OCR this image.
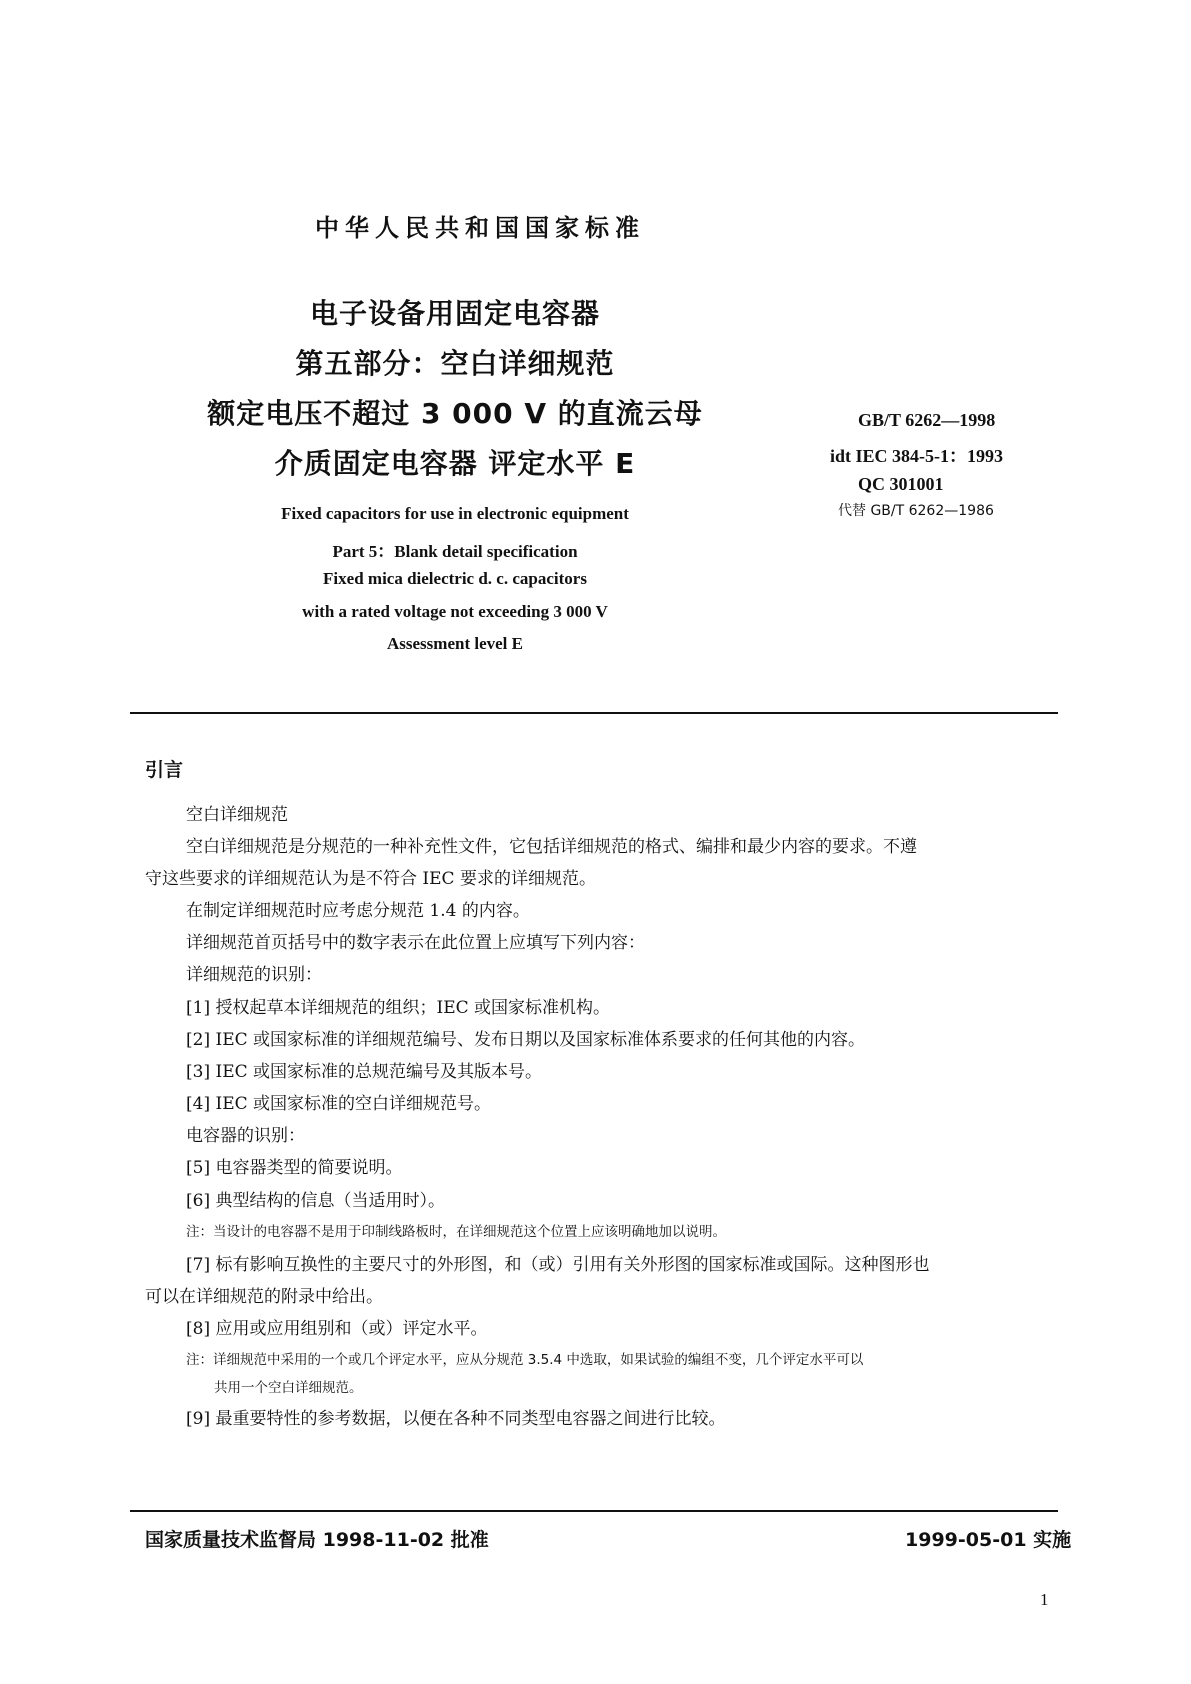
中华人民共和国国家标准
电子设备用固定电容器
第五部分：空白详细规范
额定电压不超过 3 000 V 的直流云母
介质固定电容器 评定水平 E
Fixed capacitors for use in electronic equipment
Part 5：Blank detail specification
Fixed mica dielectric d. c. capacitors
with a rated voltage not exceeding 3 000 V
Assessment level E
GB/T 6262—1998
idt IEC 384-5-1：1993
QC 301001
代替 GB/T 6262—1986
引言
空白详细规范
空白详细规范是分规范的一种补充性文件，它包括详细规范的格式、编排和最少内容的要求。不遵
守这些要求的详细规范认为是不符合 IEC 要求的详细规范。
在制定详细规范时应考虑分规范 1.4 的内容。
详细规范首页括号中的数字表示在此位置上应填写下列内容：
详细规范的识别：
[1] 授权起草本详细规范的组织；IEC 或国家标准机构。
[2] IEC 或国家标准的详细规范编号、发布日期以及国家标准体系要求的任何其他的内容。
[3] IEC 或国家标准的总规范编号及其版本号。
[4] IEC 或国家标准的空白详细规范号。
电容器的识别：
[5] 电容器类型的简要说明。
[6] 典型结构的信息（当适用时）。
注：当设计的电容器不是用于印制线路板时，在详细规范这个位置上应该明确地加以说明。
[7] 标有影响互换性的主要尺寸的外形图，和（或）引用有关外形图的国家标准或国际。这种图形也
可以在详细规范的附录中给出。
[8] 应用或应用组别和（或）评定水平。
注：详细规范中采用的一个或几个评定水平，应从分规范 3.5.4 中选取，如果试验的编组不变，几个评定水平可以
共用一个空白详细规范。
[9] 最重要特性的参考数据，以便在各种不同类型电容器之间进行比较。
国家质量技术监督局 1998-11-02 批准	1999-05-01 实施
1
